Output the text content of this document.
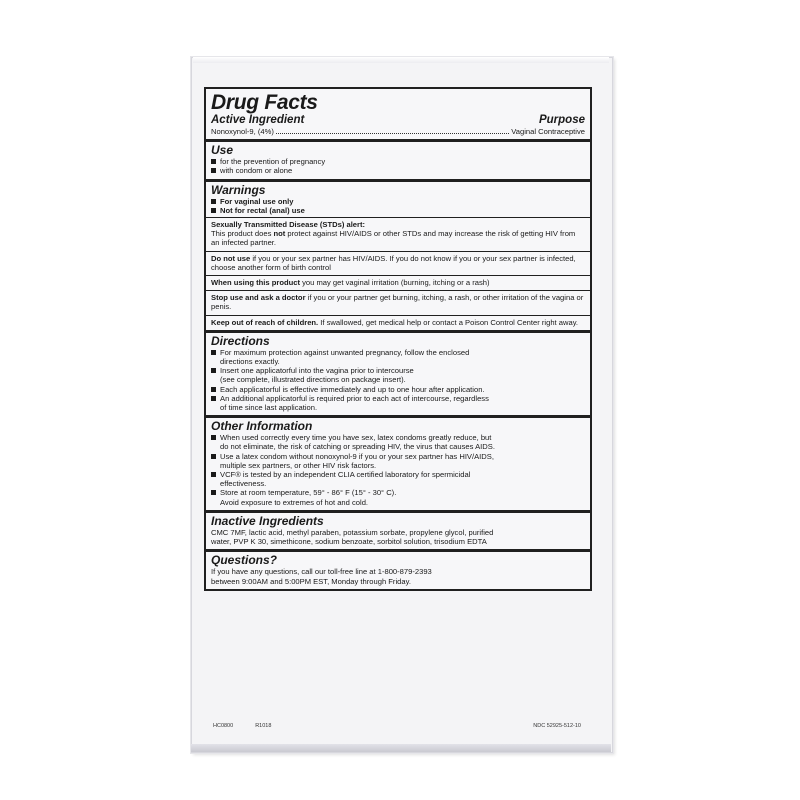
Drug Facts
Active Ingredient	Purpose
Nonoxynol-9, (4%)	Vaginal Contraceptive
Use
for the prevention of pregnancy
with condom or alone
Warnings
For vaginal use only
Not for rectal (anal) use

Sexually Transmitted Disease (STDs) alert:

This product does not protect against HIV/AIDS or other STDs and may increase the risk of getting HIV from an infected partner.

Do not use if you or your sex partner has HIV/AIDS. If you do not know if you or your sex partner is infected, choose another form of birth control

When using this product you may get vaginal irritation (burning, itching or a rash)

Stop use and ask a doctor if you or your partner get burning, itching, a rash, or other irritation of the vagina or penis.

Keep out of reach of children. If swallowed, get medical help or contact a Poison Control Center right away.

Directions
For maximum protection against unwanted pregnancy, follow the enclosed
directions exactly.
Insert one applicatorful into the vagina prior to intercourse
(see complete, illustrated directions on package insert).
Each applicatorful is effective immediately and up to one hour after application.
An additional applicatorful is required prior to each act of intercourse, regardless
of time since last application.
Other Information
When used correctly every time you have sex, latex condoms greatly reduce, but
do not eliminate, the risk of catching or spreading HIV, the virus that causes AIDS.
Use a latex condom without nonoxynol-9 if you or your sex partner has HIV/AIDS,
multiple sex partners, or other HIV risk factors.
VCF® is tested by an independent CLIA certified laboratory for spermicidal
effectiveness.
Store at room temperature, 59° - 86° F (15° - 30° C).
Avoid exposure to extremes of hot and cold.
Inactive Ingredients

CMC 7MF, lactic acid, methyl paraben, potassium sorbate, propylene glycol, purified
water, PVP K 30, simethicone, sodium benzoate, sorbitol solution, trisodium EDTA

Questions?

If you have any questions, call our toll-free line at 1-800-879-2393
between 9:00AM and 5:00PM EST, Monday through Friday.

HC0800	R1018	NDC 52925-512-10
